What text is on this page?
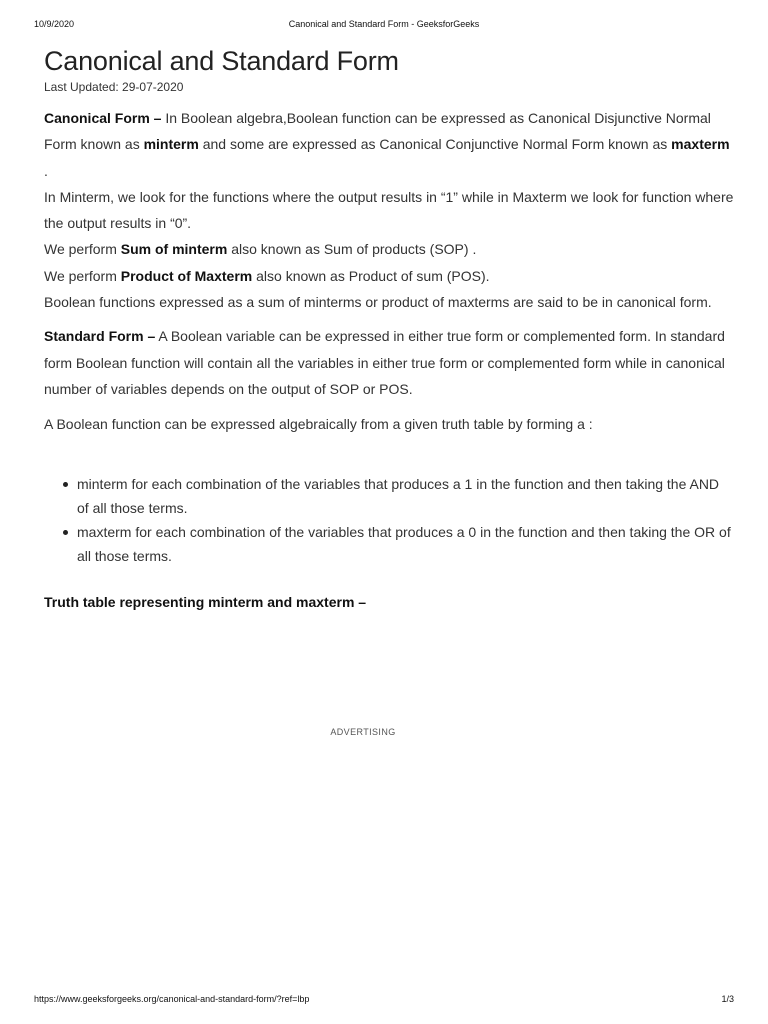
10/9/2020	Canonical and Standard Form - GeeksforGeeks
Canonical and Standard Form
Last Updated: 29-07-2020

Canonical Form – In Boolean algebra,Boolean function can be expressed as Canonical Disjunctive Normal Form known as minterm and some are expressed as Canonical Conjunctive Normal Form known as maxterm .
In Minterm, we look for the functions where the output results in “1” while in Maxterm we look for function where the output results in “0”.
We perform Sum of minterm also known as Sum of products (SOP) .
We perform Product of Maxterm also known as Product of sum (POS).
Boolean functions expressed as a sum of minterms or product of maxterms are said to be in canonical form.

Standard Form – A Boolean variable can be expressed in either true form or complemented form. In standard form Boolean function will contain all the variables in either true form or complemented form while in canonical number of variables depends on the output of SOP or POS.

A Boolean function can be expressed algebraically from a given truth table by forming a :

minterm for each combination of the variables that produces a 1 in the function and then taking the AND of all those terms.
maxterm for each combination of the variables that produces a 0 in the function and then taking the OR of all those terms.
Truth table representing minterm and maxterm –
ADVERTISING
https://www.geeksforgeeks.org/canonical-and-standard-form/?ref=lbp	1/3
